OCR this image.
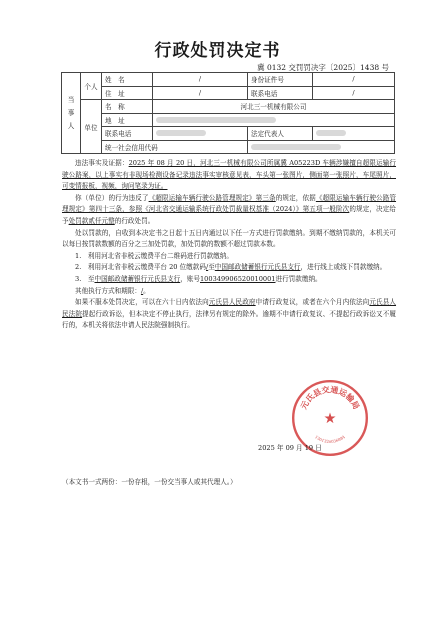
行政处罚决定书
冀 0132 交罚罚决字〔2025〕1438 号
当事人	个人	姓　名	/	身份证件号	/
		住　址	/	联系电话	/
	单位	名　称	河北三一机械有限公司		
		地　址			
		联系电话		法定代表人	
		统一社会信用代码			

违法事实及证据：2025 年 08 月 20 日，河北三一机械有限公司所属冀 A05223D 车辆涉嫌擅自超限运输行驶公路案，以上事实有非现场检测设备记录违法事实审核意见表，车头第一张图片，侧面第一张照片，车尾照片，可变情报板，视频，询问笔录为证。

你（单位）的行为违反了《超限运输车辆行驶公路管理规定》第三条的规定，依据《超限运输车辆行驶公路管理规定》第四十三条，参照《河北省交通运输系统行政处罚裁量权基准（2024）》第五项一般阶次的规定，决定给予处罚款贰仟元整的行政处罚。

处以罚款的，自收到本决定书之日起十五日内通过以下任一方式进行罚款缴纳。到期不缴纳罚款的，本机关可以每日按罚款数额的百分之三加处罚款，加处罚款的数额不超过罚款本数。

1.　利用河北省非税云缴费平台二维码进行罚款缴纳。

2.　利用河北省非税云缴费平台 20 位缴款码/至中国邮政储蓄银行元氏县支行，进行线上或线下罚款缴纳。

3.　至中国邮政储蓄银行元氏县支行，账号100349906520010001进行罚款缴纳。

其他执行方式和期限：/。

如果不服本处罚决定，可以在六十日内依法向元氏县人民政府申请行政复议，或者在六个月内依法向元氏县人民法院提起行政诉讼，但本决定不停止执行，法律另有规定的除外。逾期不申请行政复议、不提起行政诉讼又不履行的，本机关将依法申请人民法院强制执行。

元氏县交通运输局
★
1301320036884
2025 年 09 月 19 日
（本文书一式两份：一份存根，一份交当事人或其代理人。）
